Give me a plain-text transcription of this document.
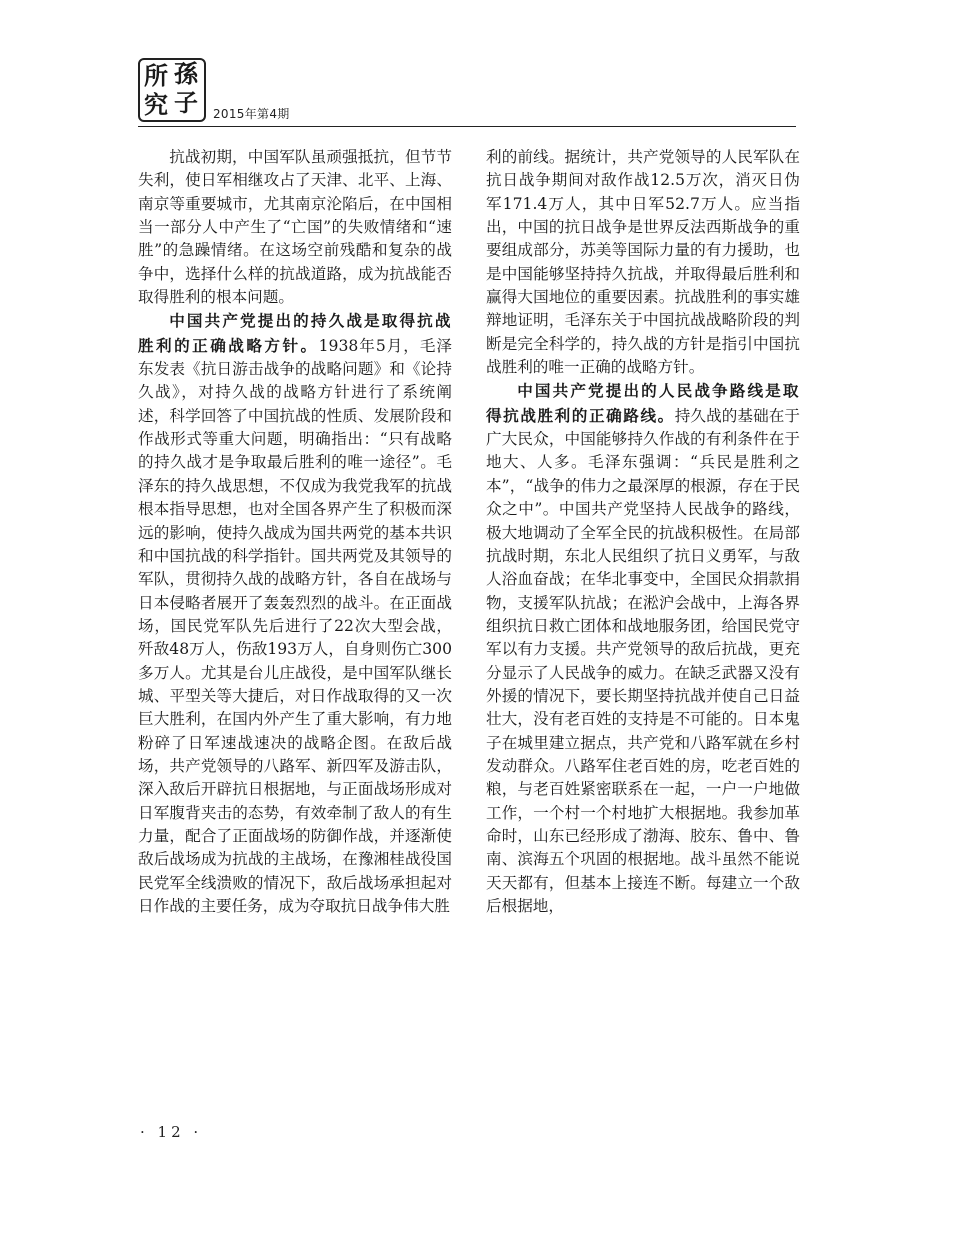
所 孫
究 子 2015年第4期

抗战初期，中国军队虽顽强抵抗，但节节失利，使日军相继攻占了天津、北平、上海、南京等重要城市，尤其南京沦陷后，在中国相当一部分人中产生了“亡国”的失败情绪和“速胜”的急躁情绪。在这场空前残酷和复杂的战争中，选择什么样的抗战道路，成为抗战能否取得胜利的根本问题。

中国共产党提出的持久战是取得抗战胜利的正确战略方针。1938年5月，毛泽东发表《抗日游击战争的战略问题》和《论持久战》，对持久战的战略方针进行了系统阐述，科学回答了中国抗战的性质、发展阶段和作战形式等重大问题，明确指出：“只有战略的持久战才是争取最后胜利的唯一途径”。毛泽东的持久战思想，不仅成为我党我军的抗战根本指导思想，也对全国各界产生了积极而深远的影响，使持久战成为国共两党的基本共识和中国抗战的科学指针。国共两党及其领导的军队，贯彻持久战的战略方针，各自在战场与日本侵略者展开了轰轰烈烈的战斗。在正面战场，国民党军队先后进行了22次大型会战，歼敌48万人，伤敌193万人，自身则伤亡300多万人。尤其是台儿庄战役，是中国军队继长城、平型关等大捷后，对日作战取得的又一次巨大胜利，在国内外产生了重大影响，有力地粉碎了日军速战速决的战略企图。在敌后战场，共产党领导的八路军、新四军及游击队，深入敌后开辟抗日根据地，与正面战场形成对日军腹背夹击的态势，有效牵制了敌人的有生力量，配合了正面战场的防御作战，并逐渐使敌后战场成为抗战的主战场，在豫湘桂战役国民党军全线溃败的情况下，敌后战场承担起对日作战的主要任务，成为夺取抗日战争伟大胜

利的前线。据统计，共产党领导的人民军队在抗日战争期间对敌作战12.5万次，消灭日伪军171.4万人，其中日军52.7万人。应当指出，中国的抗日战争是世界反法西斯战争的重要组成部分，苏美等国际力量的有力援助，也是中国能够坚持持久抗战，并取得最后胜利和赢得大国地位的重要因素。抗战胜利的事实雄辩地证明，毛泽东关于中国抗战战略阶段的判断是完全科学的，持久战的方针是指引中国抗战胜利的唯一正确的战略方针。

中国共产党提出的人民战争路线是取得抗战胜利的正确路线。持久战的基础在于广大民众，中国能够持久作战的有利条件在于地大、人多。毛泽东强调：“兵民是胜利之本”，“战争的伟力之最深厚的根源，存在于民众之中”。中国共产党坚持人民战争的路线，极大地调动了全军全民的抗战积极性。在局部抗战时期，东北人民组织了抗日义勇军，与敌人浴血奋战；在华北事变中，全国民众捐款捐物，支援军队抗战；在淞沪会战中，上海各界组织抗日救亡团体和战地服务团，给国民党守军以有力支援。共产党领导的敌后抗战，更充分显示了人民战争的威力。在缺乏武器又没有外援的情况下，要长期坚持抗战并使自己日益壮大，没有老百姓的支持是不可能的。日本鬼子在城里建立据点，共产党和八路军就在乡村发动群众。八路军住老百姓的房，吃老百姓的粮，与老百姓紧密联系在一起，一户一户地做工作，一个村一个村地扩大根据地。我参加革命时，山东已经形成了渤海、胶东、鲁中、鲁南、滨海五个巩固的根据地。战斗虽然不能说天天都有，但基本上接连不断。每建立一个敌后根据地，

· 12 ·
